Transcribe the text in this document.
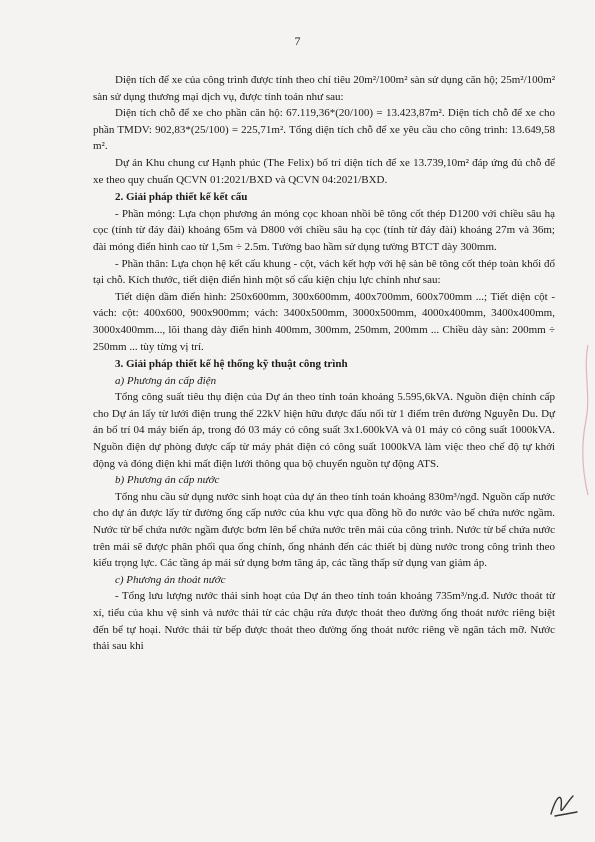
7

Diện tích để xe của công trình được tính theo chỉ tiêu 20m²/100m² sàn sử dụng căn hộ; 25m²/100m² sàn sử dụng thương mại dịch vụ, được tính toán như sau:

Diện tích chỗ để xe cho phần căn hộ: 67.119,36*(20/100) = 13.423,87m². Diện tích chỗ để xe cho phần TMDV: 902,83*(25/100) = 225,71m². Tổng diện tích chỗ để xe yêu cầu cho công trình: 13.649,58 m².

Dự án Khu chung cư Hạnh phúc (The Felix) bố trí diện tích để xe 13.739,10m² đáp ứng đủ chỗ để xe theo quy chuẩn QCVN 01:2021/BXD và QCVN 04:2021/BXD.

2. Giải pháp thiết kế kết cấu

- Phần móng: Lựa chọn phương án móng cọc khoan nhồi bê tông cốt thép D1200 với chiều sâu hạ cọc (tính từ đáy đài) khoảng 65m và D800 với chiều sâu hạ cọc (tính từ đáy đài) khoảng 27m và 36m; đài móng điển hình cao từ 1,5m ÷ 2.5m. Tường bao hầm sử dụng tường BTCT dày 300mm.

- Phần thân: Lựa chọn hệ kết cấu khung - cột, vách kết hợp với hệ sàn bê tông cốt thép toàn khối đổ tại chỗ. Kích thước, tiết diện điển hình một số cấu kiện chịu lực chính như sau:

Tiết diện dầm điển hình: 250x600mm, 300x600mm, 400x700mm, 600x700mm ...; Tiết diện cột - vách: cột: 400x600, 900x900mm; vách: 3400x500mm, 3000x500mm, 4000x400mm, 3400x400mm, 3000x400mm..., lõi thang dày điển hình 400mm, 300mm, 250mm, 200mm ... Chiều dày sàn: 200mm ÷ 250mm ... tùy từng vị trí.

3. Giải pháp thiết kế hệ thống kỹ thuật công trình

a) Phương án cấp điện

Tổng công suất tiêu thụ điện của Dự án theo tính toán khoảng 5.595,6kVA. Nguồn điện chính cấp cho Dự án lấy từ lưới điện trung thế 22kV hiện hữu được đấu nối từ 1 điểm trên đường Nguyễn Du. Dự án bố trí 04 máy biến áp, trong đó 03 máy có công suất 3x1.600kVA và 01 máy có công suất 1000kVA. Nguồn điện dự phòng được cấp từ máy phát điện có công suất 1000kVA làm việc theo chế độ tự khởi động và đóng điện khi mất điện lưới thông qua bộ chuyển nguồn tự động ATS.

b) Phương án cấp nước

Tổng nhu cầu sử dụng nước sinh hoạt của dự án theo tính toán khoảng 830m³/ngđ. Nguồn cấp nước cho dự án được lấy từ đường ống cấp nước của khu vực qua đồng hồ đo nước vào bể chứa nước ngầm. Nước từ bể chứa nước ngầm được bơm lên bể chứa nước trên mái của công trình. Nước từ bể chứa nước trên mái sẽ được phân phối qua ống chính, ống nhánh đến các thiết bị dùng nước trong công trình theo kiểu trọng lực. Các tầng áp mái sử dụng bơm tăng áp, các tầng thấp sử dụng van giảm áp.

c) Phương án thoát nước

- Tổng lưu lượng nước thải sinh hoạt của Dự án theo tính toán khoảng 735m³/ng.đ. Nước thoát từ xí, tiểu của khu vệ sinh và nước thải từ các chậu rửa được thoát theo đường ống thoát nước riêng biệt đến bể tự hoại. Nước thải từ bếp được thoát theo đường ống thoát nước riêng về ngăn tách mỡ. Nước thải sau khi
